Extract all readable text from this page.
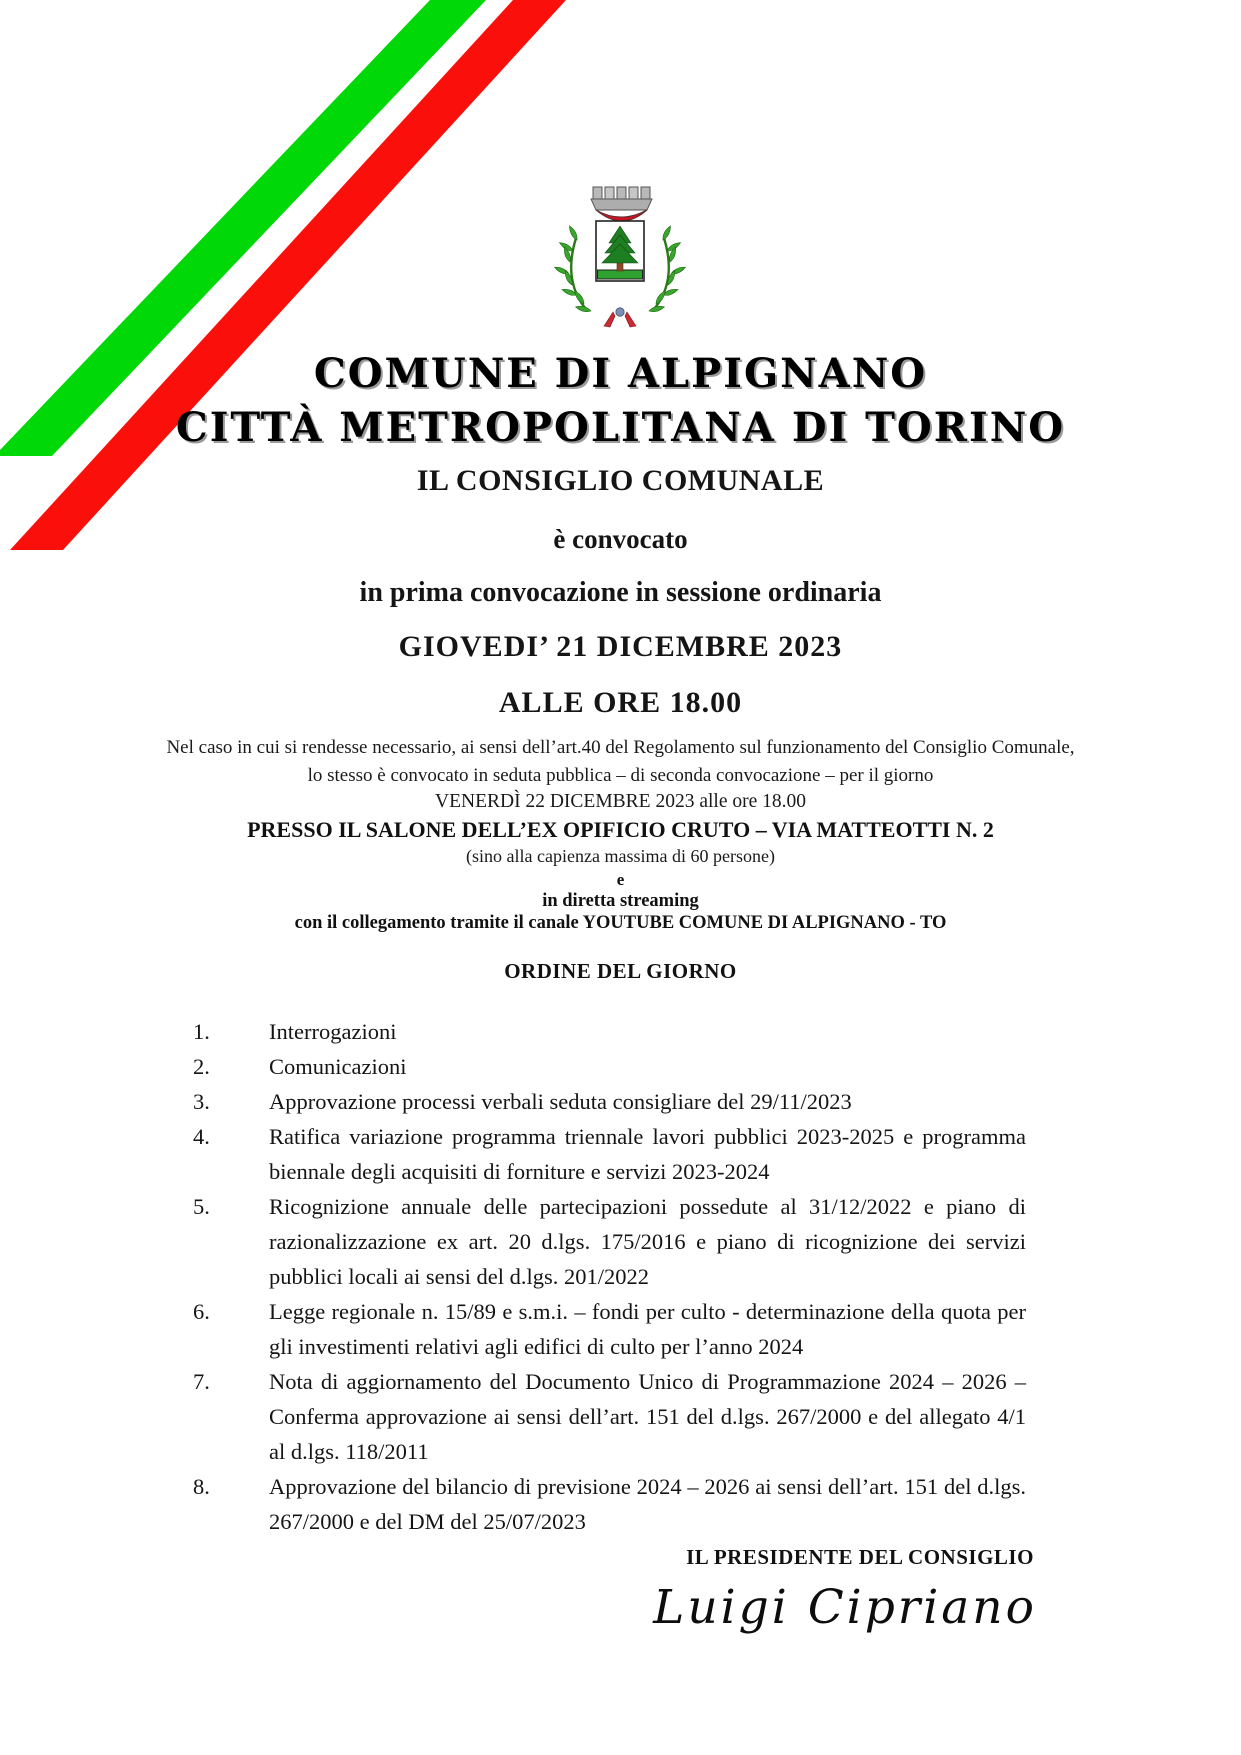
COMUNE DI ALPIGNANO
CITTÀ METROPOLITANA DI TORINO
IL CONSIGLIO COMUNALE
è convocato
in prima convocazione in sessione ordinaria
GIOVEDI’ 21 DICEMBRE 2023
ALLE ORE 18.00
Nel caso in cui si rendesse necessario, ai sensi dell’art.40 del Regolamento sul funzionamento del Consiglio Comunale,
lo stesso è convocato in seduta pubblica – di seconda convocazione – per il giorno
VENERDÌ 22 DICEMBRE 2023 alle ore 18.00
PRESSO IL SALONE DELL’EX OPIFICIO CRUTO – VIA MATTEOTTI N. 2
(sino alla capienza massima di 60 persone)
e
in diretta streaming
con il collegamento tramite il canale YOUTUBE COMUNE DI ALPIGNANO - TO
ORDINE DEL GIORNO
1.	Interrogazioni
2.	Comunicazioni
3.	Approvazione processi verbali seduta consigliare del 29/11/2023
4.	Ratifica variazione programma triennale lavori pubblici 2023-2025 e programma biennale degli acquisiti di forniture e servizi 2023-2024
5.	Ricognizione annuale delle partecipazioni possedute al 31/12/2022 e piano di razionalizzazione ex art. 20 d.lgs. 175/2016 e piano di ricognizione dei servizi pubblici locali ai sensi del d.lgs. 201/2022
6.	Legge regionale n. 15/89 e s.m.i. – fondi per culto - determinazione della quota per gli investimenti relativi agli edifici di culto per l’anno 2024
7.	Nota di aggiornamento del Documento Unico di Programmazione 2024 – 2026 – Conferma approvazione ai sensi dell’art. 151 del d.lgs. 267/2000 e del allegato 4/1 al d.lgs. 118/2011
8.	Approvazione del bilancio di previsione 2024 – 2026 ai sensi dell’art. 151 del d.lgs. 267/2000 e del DM del 25/07/2023
IL PRESIDENTE DEL CONSIGLIO
Luigi Cipriano
